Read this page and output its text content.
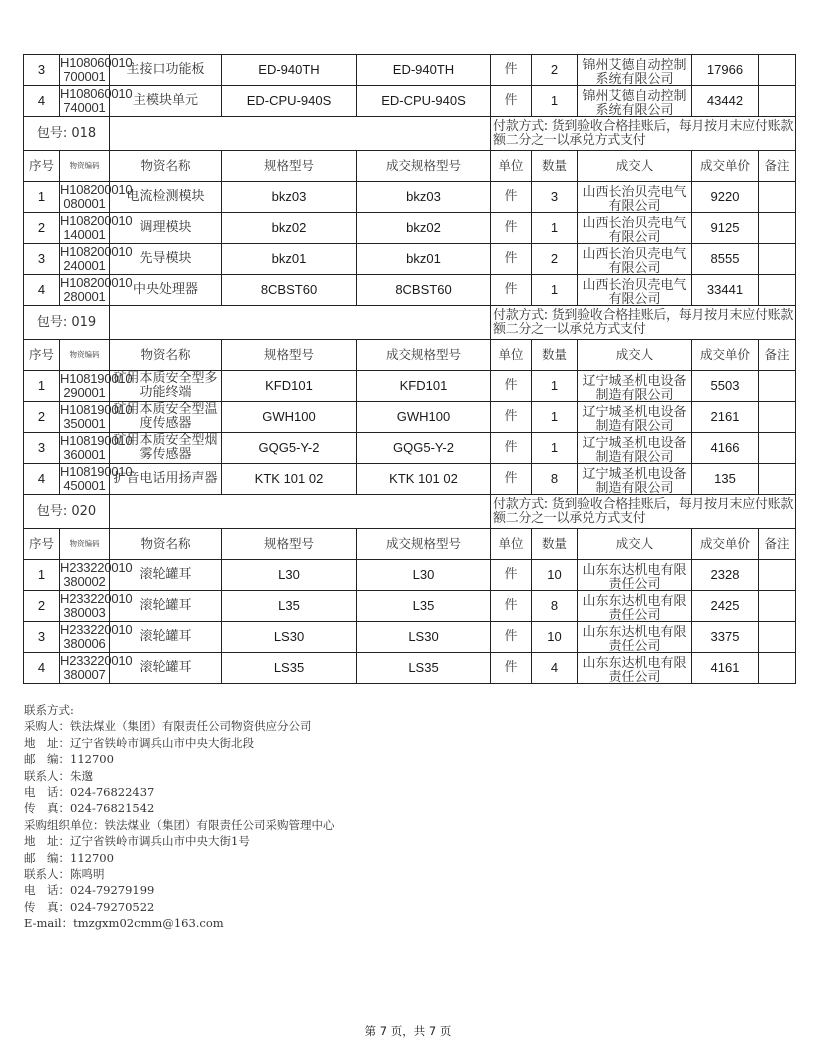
3	H108060010 700001	主接口功能板	ED-940TH	ED-940TH	件	2	锦州艾德自动控制系统有限公司	17966	
4	H108060010 740001	主模块单元	ED-CPU-940S	ED-CPU-940S	件	1	锦州艾德自动控制系统有限公司	43442	
包号: 018					付款方式: 货到验收合格挂账后，每月按月末应付账款额二分之一以承兑方式支付				
序号	物资编码	物资名称	规格型号	成交规格型号	单位	数量	成交人	成交单价	备注
1	H108200010 080001	电流检测模块	bkz03	bkz03	件	3	山西长治贝壳电气有限公司	9220	
2	H108200010 140001	调理模块	bkz02	bkz02	件	1	山西长治贝壳电气有限公司	9125	
3	H108200010 240001	先导模块	bkz01	bkz01	件	2	山西长治贝壳电气有限公司	8555	
4	H108200010 280001	中央处理器	8CBST60	8CBST60	件	1	山西长治贝壳电气有限公司	33441	
包号: 019					付款方式: 货到验收合格挂账后，每月按月末应付账款额二分之一以承兑方式支付				
序号	物资编码	物资名称	规格型号	成交规格型号	单位	数量	成交人	成交单价	备注
1	H108190010 290001	矿用本质安全型多功能终端	KFD101	KFD101	件	1	辽宁城圣机电设备制造有限公司	5503	
2	H108190010 350001	矿用本质安全型温度传感器	GWH100	GWH100	件	1	辽宁城圣机电设备制造有限公司	2161	
3	H108190010 360001	矿用本质安全型烟雾传感器	GQG5-Y-2	GQG5-Y-2	件	1	辽宁城圣机电设备制造有限公司	4166	
4	H108190010 450001	扩音电话用扬声器	KTK 101 02	KTK 101 02	件	8	辽宁城圣机电设备制造有限公司	135	
包号: 020					付款方式: 货到验收合格挂账后，每月按月末应付账款额二分之一以承兑方式支付				
序号	物资编码	物资名称	规格型号	成交规格型号	单位	数量	成交人	成交单价	备注
1	H233220010 380002	滚轮罐耳	L30	L30	件	10	山东东达机电有限责任公司	2328	
2	H233220010 380003	滚轮罐耳	L35	L35	件	8	山东东达机电有限责任公司	2425	
3	H233220010 380006	滚轮罐耳	LS30	LS30	件	10	山东东达机电有限责任公司	3375	
4	H233220010 380007	滚轮罐耳	LS35	LS35	件	4	山东东达机电有限责任公司	4161	
联系方式:
采购人：铁法煤业（集团）有限责任公司物资供应分公司
地　址：辽宁省铁岭市调兵山市中央大街北段
邮　编：112700
联系人：朱邈
电　话：024-76822437
传　真：024-76821542
采购组织单位：铁法煤业（集团）有限责任公司采购管理中心
地　址：辽宁省铁岭市调兵山市中央大街1号
邮　编：112700
联系人：陈鸣明
电　话：024-79279199
传　真：024-79270522
E-mail：tmzgxm02cmm@163.com
第 7 页，共 7 页
